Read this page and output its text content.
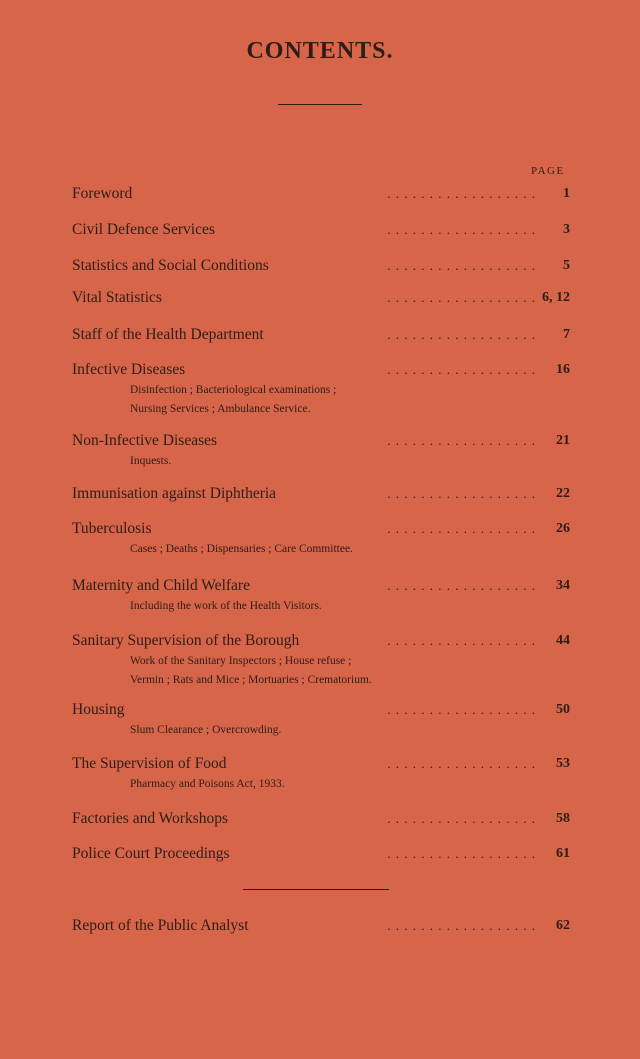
CONTENTS.
PAGE
. . . . . . . . . . . . . . . . . .
Foreword	1
. . . . . . . . . . . . . . . . . .
Civil Defence Services	3
. . . . . . . . . . . . . . . . . .
Statistics and Social Conditions	5
. . . . . . . . . . . . . . . . . .
Vital Statistics	6, 12
. . . . . . . . . . . . . . . . . .
Staff of the Health Department	7
. . . . . . . . . . . . . . . . . .
Infective Diseases	16
Disinfection ; Bacteriological examinations ;
Nursing Services ; Ambulance Service.
. . . . . . . . . . . . . . . . . .
Non-Infective Diseases	21
Inquests.
. . . . . . . . . . . . . . . . . .
Immunisation against Diphtheria	22
. . . . . . . . . . . . . . . . . .
Tuberculosis	26
Cases ; Deaths ; Dispensaries ; Care Committee.
. . . . . . . . . . . . . . . . . .
Maternity and Child Welfare	34
Including the work of the Health Visitors.
. . . . . . . . . . . . . . . . . .
Sanitary Supervision of the Borough	44
Work of the Sanitary Inspectors ; House refuse ;
Vermin ; Rats and Mice ; Mortuaries ; Crematorium.
. . . . . . . . . . . . . . . . . .
Housing	50
Slum Clearance ; Overcrowding.
. . . . . . . . . . . . . . . . . .
The Supervision of Food	53
Pharmacy and Poisons Act, 1933.
. . . . . . . . . . . . . . . . . .
Factories and Workshops	58
. . . . . . . . . . . . . . . . . .
Police Court Proceedings	61
. . . . . . . . . . . . . . . . . .
Report of the Public Analyst	62
